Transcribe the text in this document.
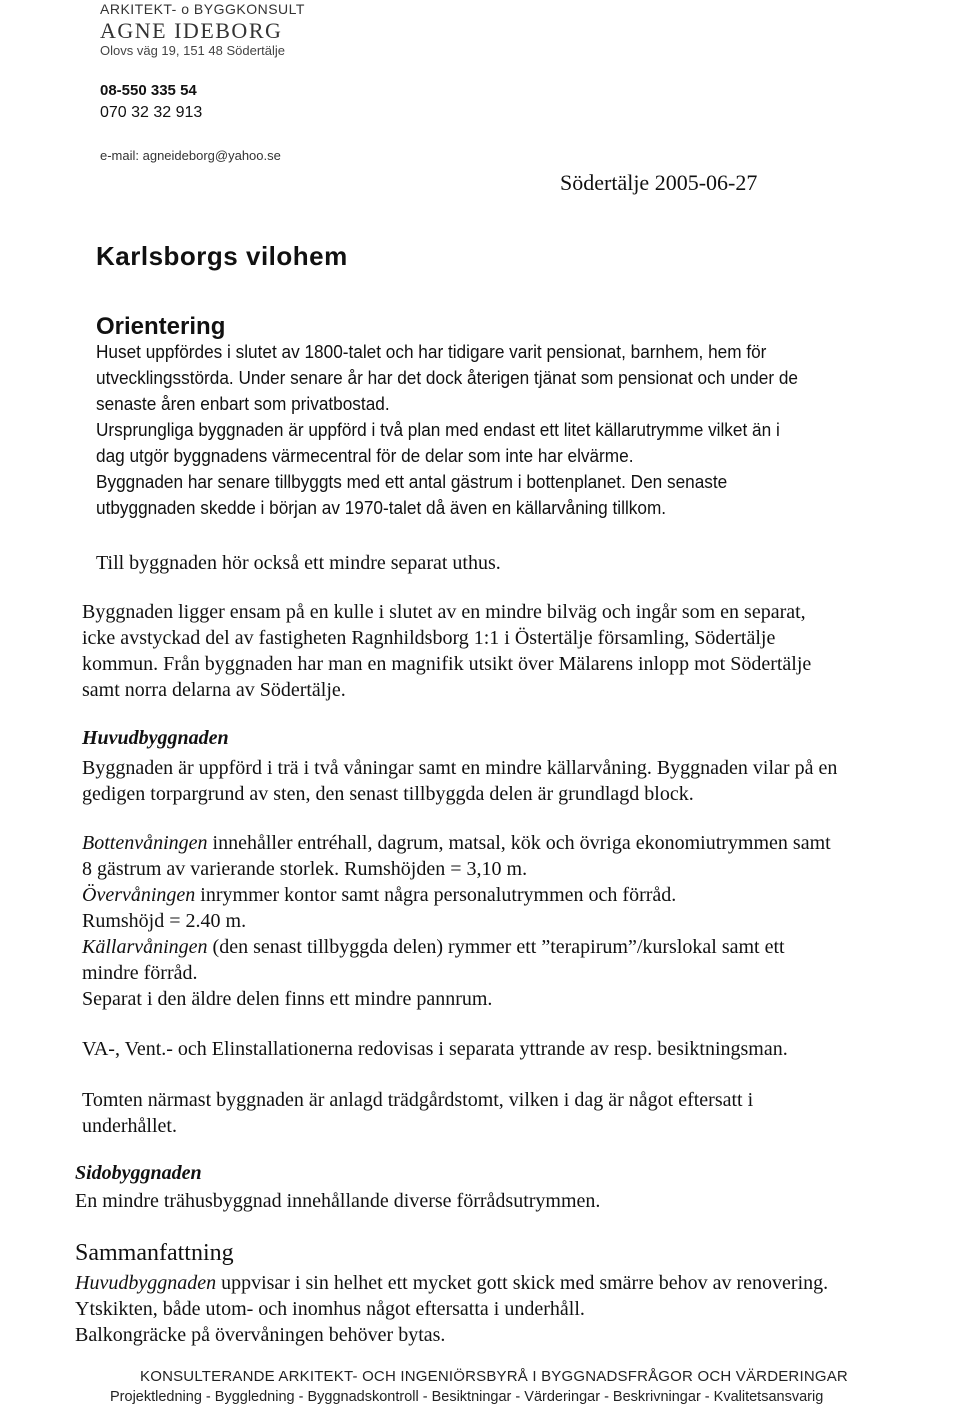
ARKITEKT- o BYGGKONSULT
AGNE IDEBORG
Olovs väg 19, 151 48 Södertälje
08-550 335 54
070 32 32 913
e-mail: agneideborg@yahoo.se
Södertälje 2005-06-27
Karlsborgs vilohem
Orientering
Huset uppfördes i slutet av 1800-talet och har tidigare varit pensionat, barnhem, hem för
utvecklingsstörda. Under senare år har det dock återigen tjänat som pensionat och under de
senaste åren enbart som privatbostad.
Ursprungliga byggnaden är uppförd i två plan med endast ett litet källarutrymme vilket än i
dag utgör byggnadens värmecentral för de delar som inte har elvärme.
Byggnaden har senare tillbyggts med ett antal gästrum i bottenplanet. Den senaste
utbyggnaden skedde i början av 1970-talet då även en källarvåning tillkom.
Till byggnaden hör också ett mindre separat uthus.
Byggnaden ligger ensam på en kulle i slutet av en mindre bilväg och ingår som en separat,
icke avstyckad del av fastigheten Ragnhildsborg 1:1 i Östertälje församling, Södertälje
kommun. Från byggnaden har man en magnifik utsikt över Mälarens inlopp mot Södertälje
samt norra delarna av Södertälje.
Huvudbyggnaden
Byggnaden är uppförd i trä i två våningar samt en mindre källarvåning. Byggnaden vilar på en
gedigen torpargrund av sten, den senast tillbyggda delen är grundlagd block.
Bottenvåningen innehåller entréhall, dagrum, matsal, kök och övriga ekonomiutrymmen samt
8 gästrum av varierande storlek. Rumshöjden = 3,10 m.
Övervåningen inrymmer kontor samt några personalutrymmen och förråd.
Rumshöjd = 2.40 m.
Källarvåningen (den senast tillbyggda delen) rymmer ett ”terapirum”/kurslokal samt ett
mindre förråd.
Separat i den äldre delen finns ett mindre pannrum.
VA-, Vent.- och Elinstallationerna redovisas i separata yttrande av resp. besiktningsman.
Tomten närmast byggnaden är anlagd trädgårdstomt, vilken i dag är något eftersatt i
underhållet.
Sidobyggnaden
En mindre trähusbyggnad innehållande diverse förrådsutrymmen.
Sammanfattning
Huvudbyggnaden uppvisar i sin helhet ett mycket gott skick med smärre behov av renovering.
Ytskikten, både utom- och inomhus något eftersatta i underhåll.
Balkongräcke på övervåningen behöver bytas.
KONSULTERANDE ARKITEKT- OCH INGENIÖRSBYRÅ I BYGGNADSFRÅGOR OCH VÄRDERINGAR
Projektledning - Byggledning - Byggnadskontroll - Besiktningar - Värderingar - Beskrivningar - Kvalitetsansvarig
